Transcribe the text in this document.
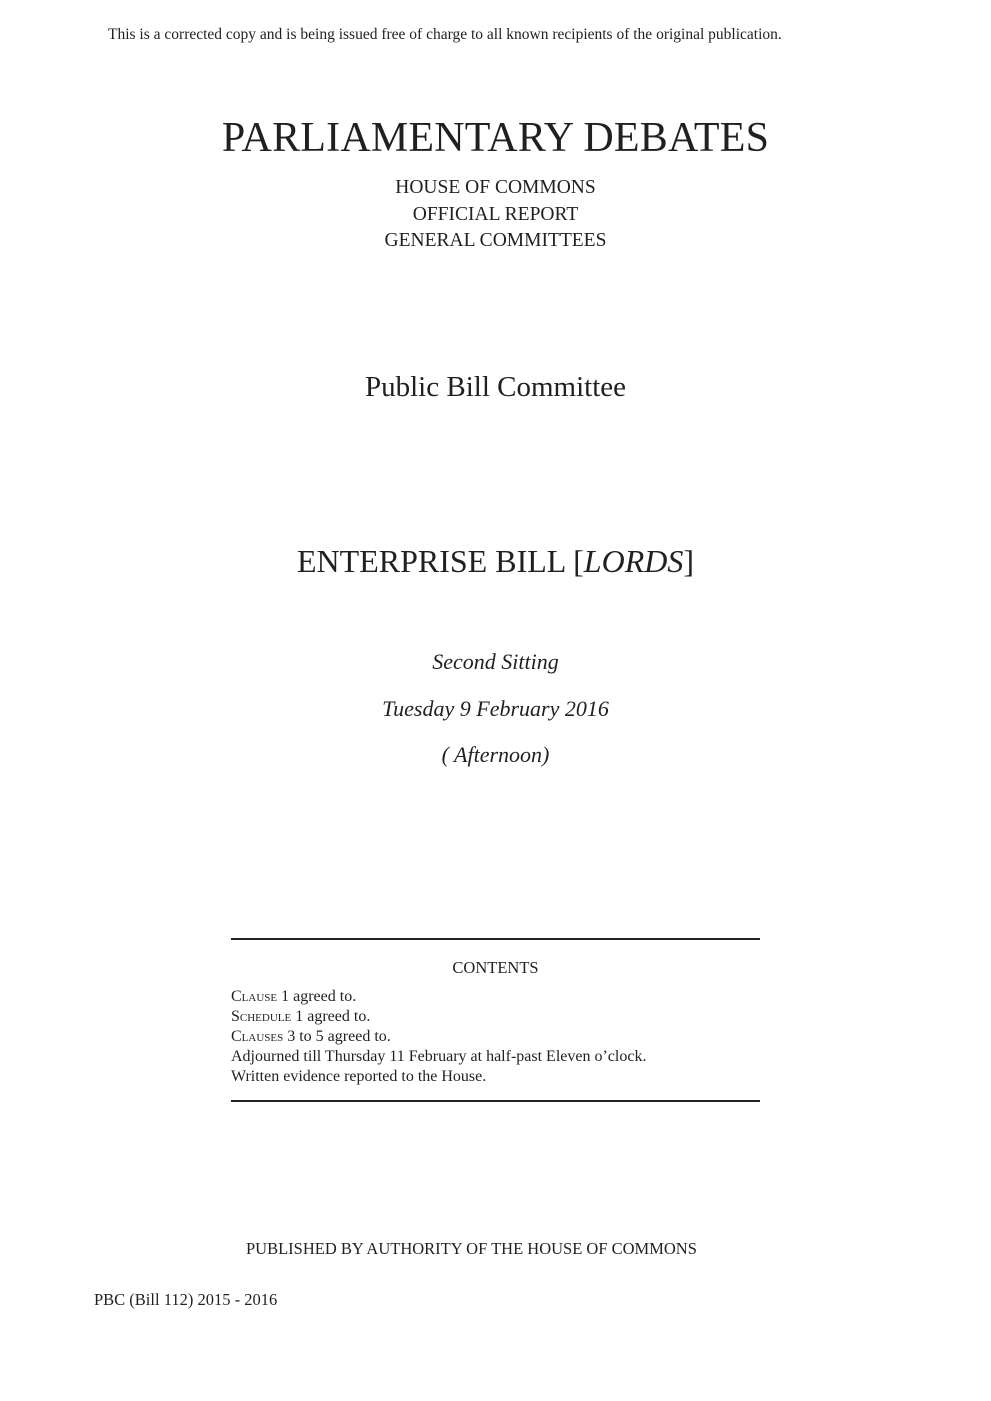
This is a corrected copy and is being issued free of charge to all known recipients of the original publication.
PARLIAMENTARY DEBATES
HOUSE OF COMMONS
OFFICIAL REPORT
GENERAL COMMITTEES
Public Bill Committee
ENTERPRISE BILL [LORDS]
Second Sitting
Tuesday 9 February 2016
( Afternoon)
CONTENTS
Clause 1 agreed to.
Schedule 1 agreed to.
Clauses 3 to 5 agreed to.
Adjourned till Thursday 11 February at half-past Eleven o’clock.
Written evidence reported to the House.
PUBLISHED BY AUTHORITY OF THE HOUSE OF COMMONS
PBC (Bill 112) 2015 - 2016
